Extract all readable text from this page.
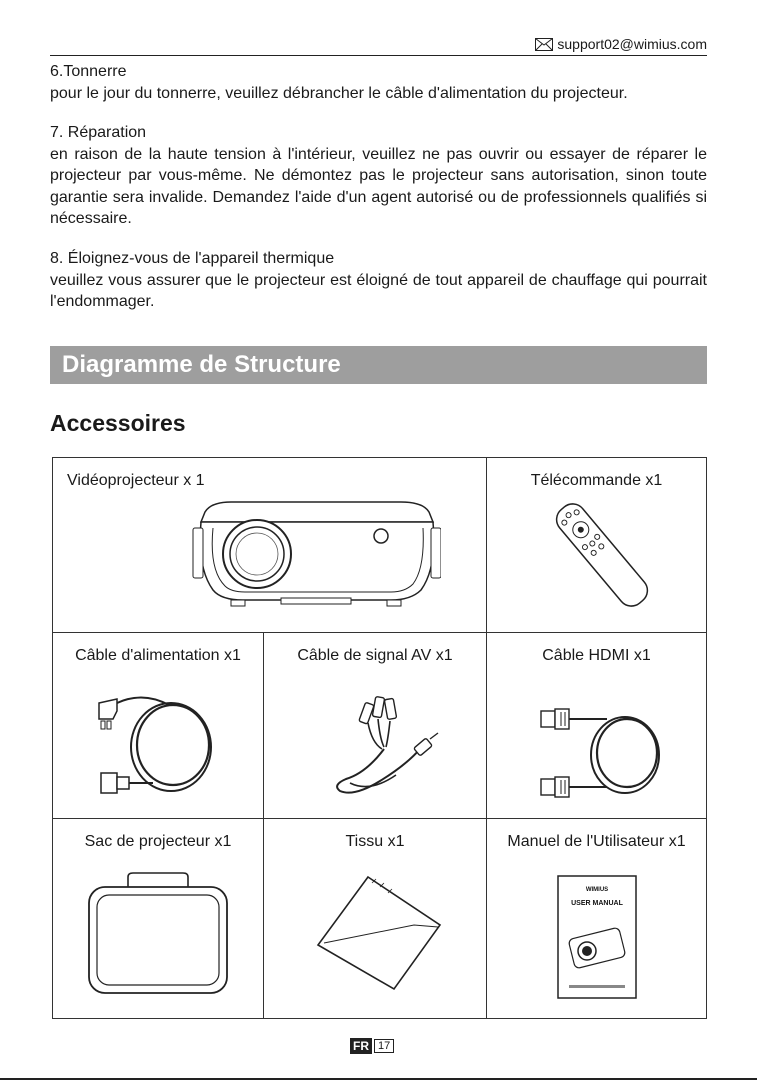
support02@wimius.com
6.Tonnerre

pour le jour du tonnerre, veuillez débrancher le câble d'alimentation du projecteur.

7. Réparation

en raison de la haute tension à l'intérieur, veuillez ne pas ouvrir ou essayer de réparer le projecteur par vous-même. Ne démontez pas le projecteur sans autorisation, sinon toute garantie sera invalide. Demandez l'aide d'un agent autorisé ou de professionnels qualifiés si nécessaire.

8. Éloignez-vous de l'appareil thermique

veuillez vous assurer que le projecteur est éloigné de tout appareil de chauffage qui pourrait l'endommager.

Diagramme de Structure
Accessoires
Vidéoprojecteur x 1	Télécommande x1
Câble d'alimentation x1	Câble de signal AV x1	Câble HDMI x1
Sac de projecteur x1	Tissu x1	Manuel de l'Utilisateur x1
WIMIUS
USER MANUAL
FR 17
